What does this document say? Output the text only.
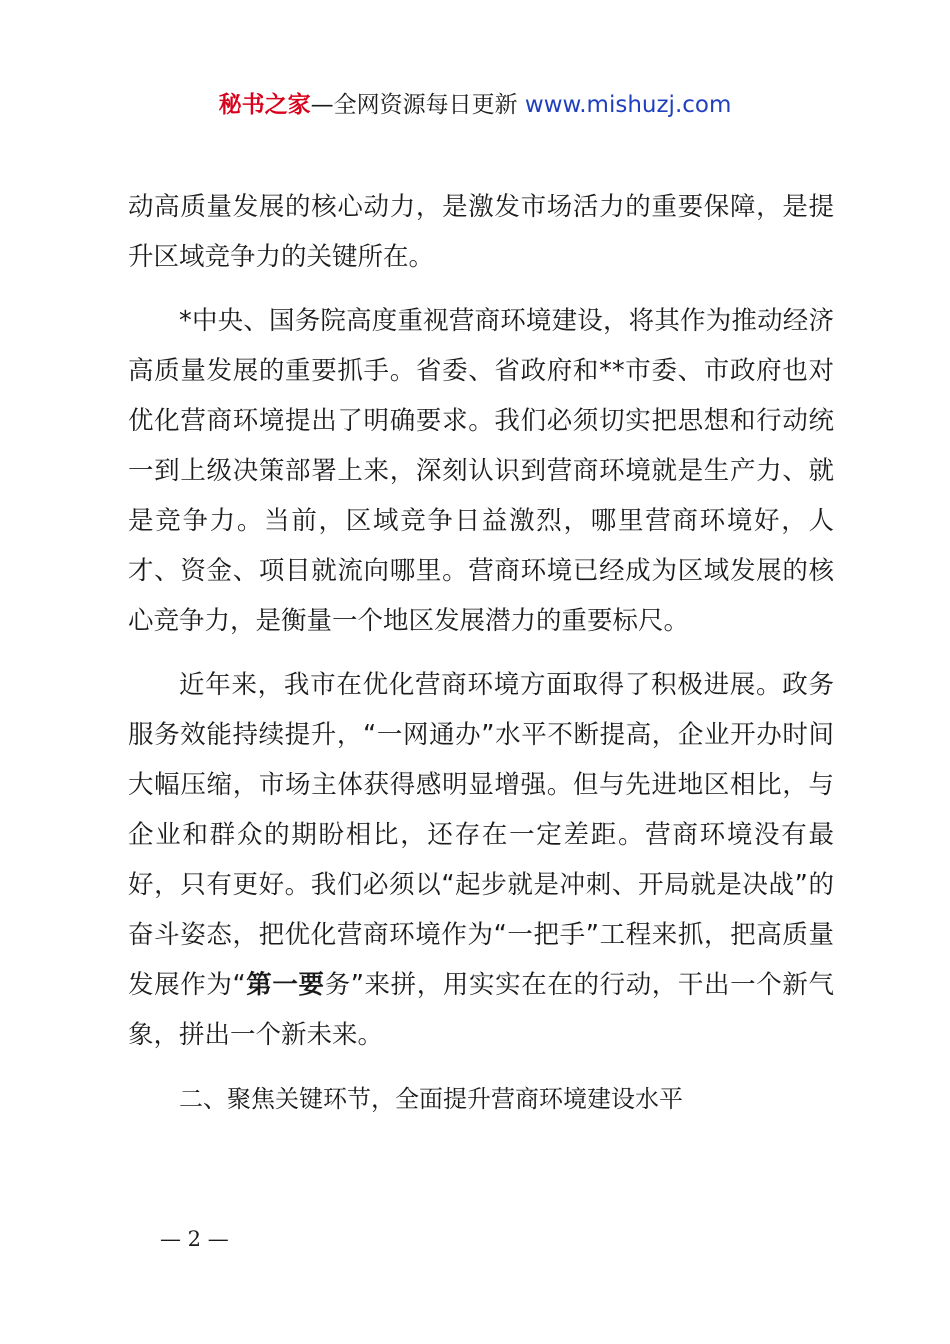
秘书之家—全网资源每日更新 www.mishuzj.com

动高质量发展的核心动力，是激发市场活力的重要保障，是提升区域竞争力的关键所在。

*中央、国务院高度重视营商环境建设，将其作为推动经济高质量发展的重要抓手。省委、省政府和**市委、市政府也对优化营商环境提出了明确要求。我们必须切实把思想和行动统一到上级决策部署上来，深刻认识到营商环境就是生产力、就是竞争力。当前，区域竞争日益激烈，哪里营商环境好，人才、资金、项目就流向哪里。营商环境已经成为区域发展的核心竞争力，是衡量一个地区发展潜力的重要标尺。

近年来，我市在优化营商环境方面取得了积极进展。政务服务效能持续提升，“一网通办”水平不断提高，企业开办时间大幅压缩，市场主体获得感明显增强。但与先进地区相比，与企业和群众的期盼相比，还存在一定差距。营商环境没有最好，只有更好。我们必须以“起步就是冲刺、开局就是决战”的奋斗姿态，把优化营商环境作为“一把手”工程来抓，把高质量发展作为“第一要务”来拼，用实实在在的行动，干出一个新气象，拼出一个新未来。

二、聚焦关键环节，全面提升营商环境建设水平

— 2 —
